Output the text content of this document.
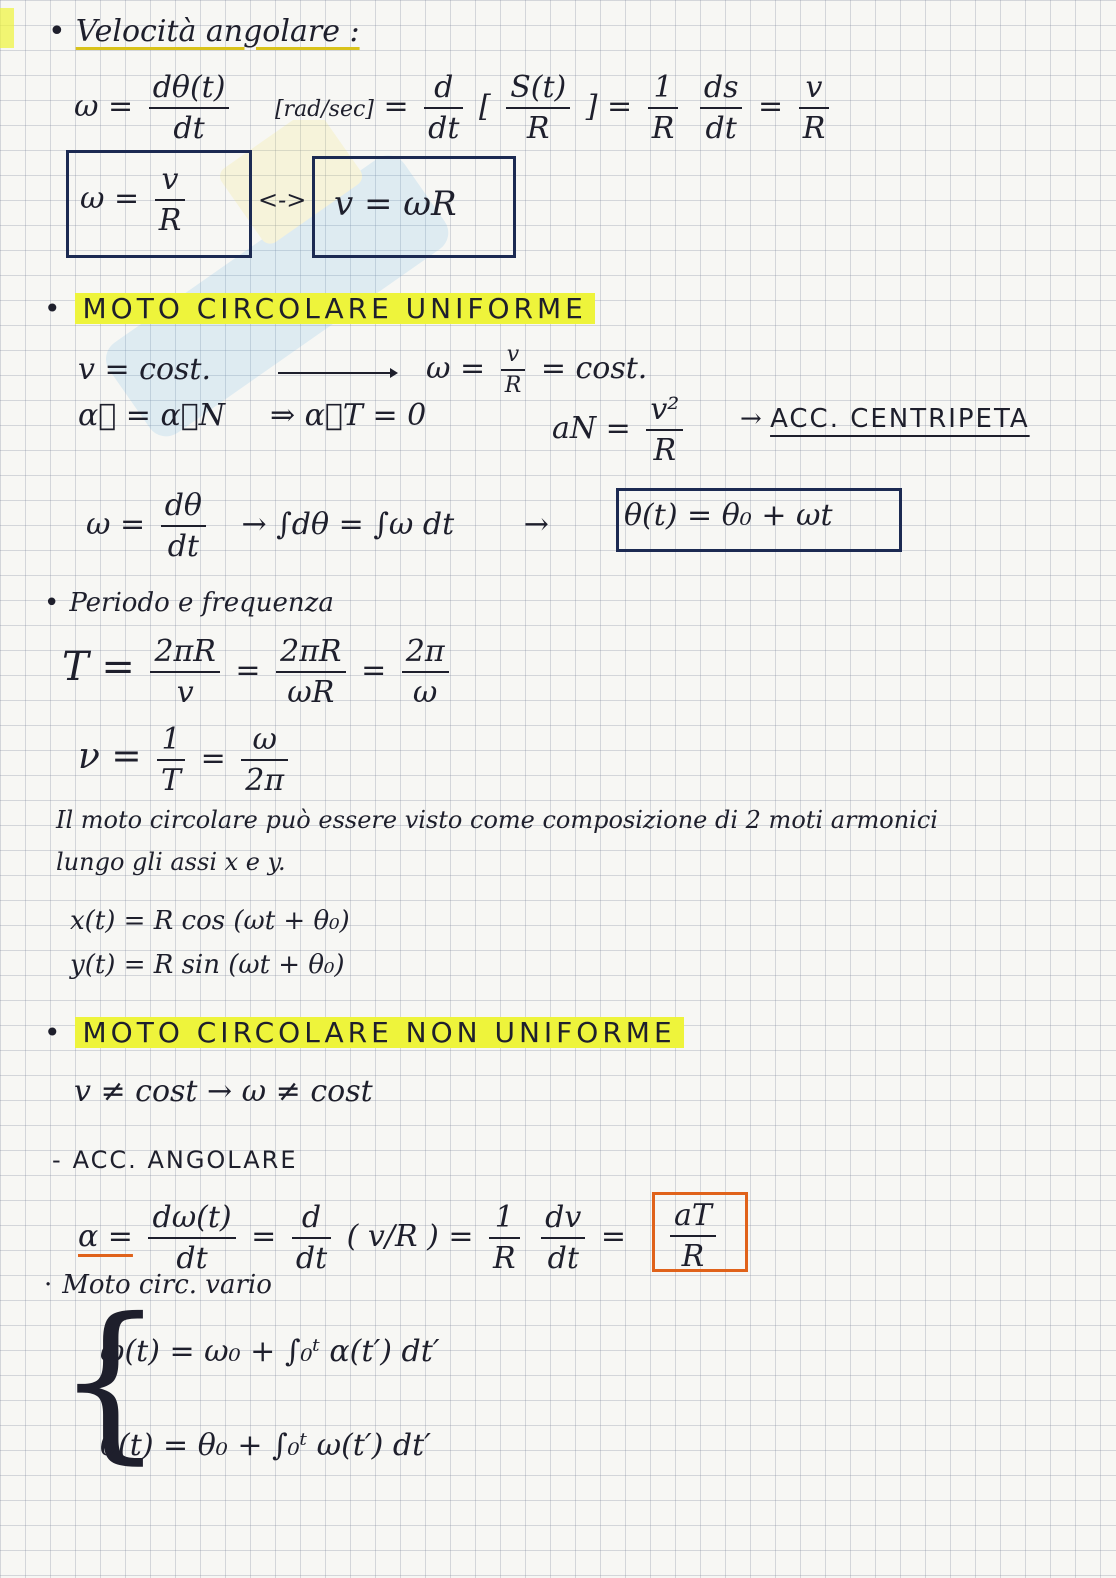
• Velocità angolare :
$\omega = \frac{d\theta(t)}{dt} [rad/\sec] = \frac{d}{dt}$ [ $\frac{S(t)}{R}$ ] = $\frac{1}{R}$
$\frac{ds}{dt} = \frac{v}{R}$
$\omega = \frac{v}{R}$	<-> v = ωR
• MOTO CIRCOLARE UNIFORME
v = cost.	$\omega = \frac{v}{R} = \cos t$.
α⃗ = α⃗N ⇒ α⃗T = 0	aN = $\frac{\text{v²}}{R}$ → ACC. CENTRIPETA
$\omega = \frac{d\theta}{dt} \to \int d\theta = \int\omega$ dt →	θ(t) = θ₀ + ωt
• Periodo e frequenza
$T = \frac{2\pi R}{v} = \frac{2\pi R}{\omega R} = \frac{2\pi}{\omega}$
$\nu = \frac{1}{T} = \frac{\omega}{2\pi}$
Il moto circolare può essere visto come composizione di 2 moti armonici
lungo gli assi x e y.
x(t) = R cos (ωt + θ₀)
y(t) = R sin (ωt + θ₀)
• MOTO CIRCOLARE NON UNIFORME
v ≠ cost → ω ≠ cost
- ACC. ANGOLARE
$\alpha = \frac{d\omega(t)}{dt} = \frac{d}{dt}$ ( v/R ) = $\frac{1}{R}$
$\frac{dv}{dt} = \frac{aT}{R}$
· Moto circ. vario
{
ω(t) = ω₀ + ∫₀ᵗ α(t′) dt′
θ(t) = θ₀ + ∫₀ᵗ ω(t′) dt′
